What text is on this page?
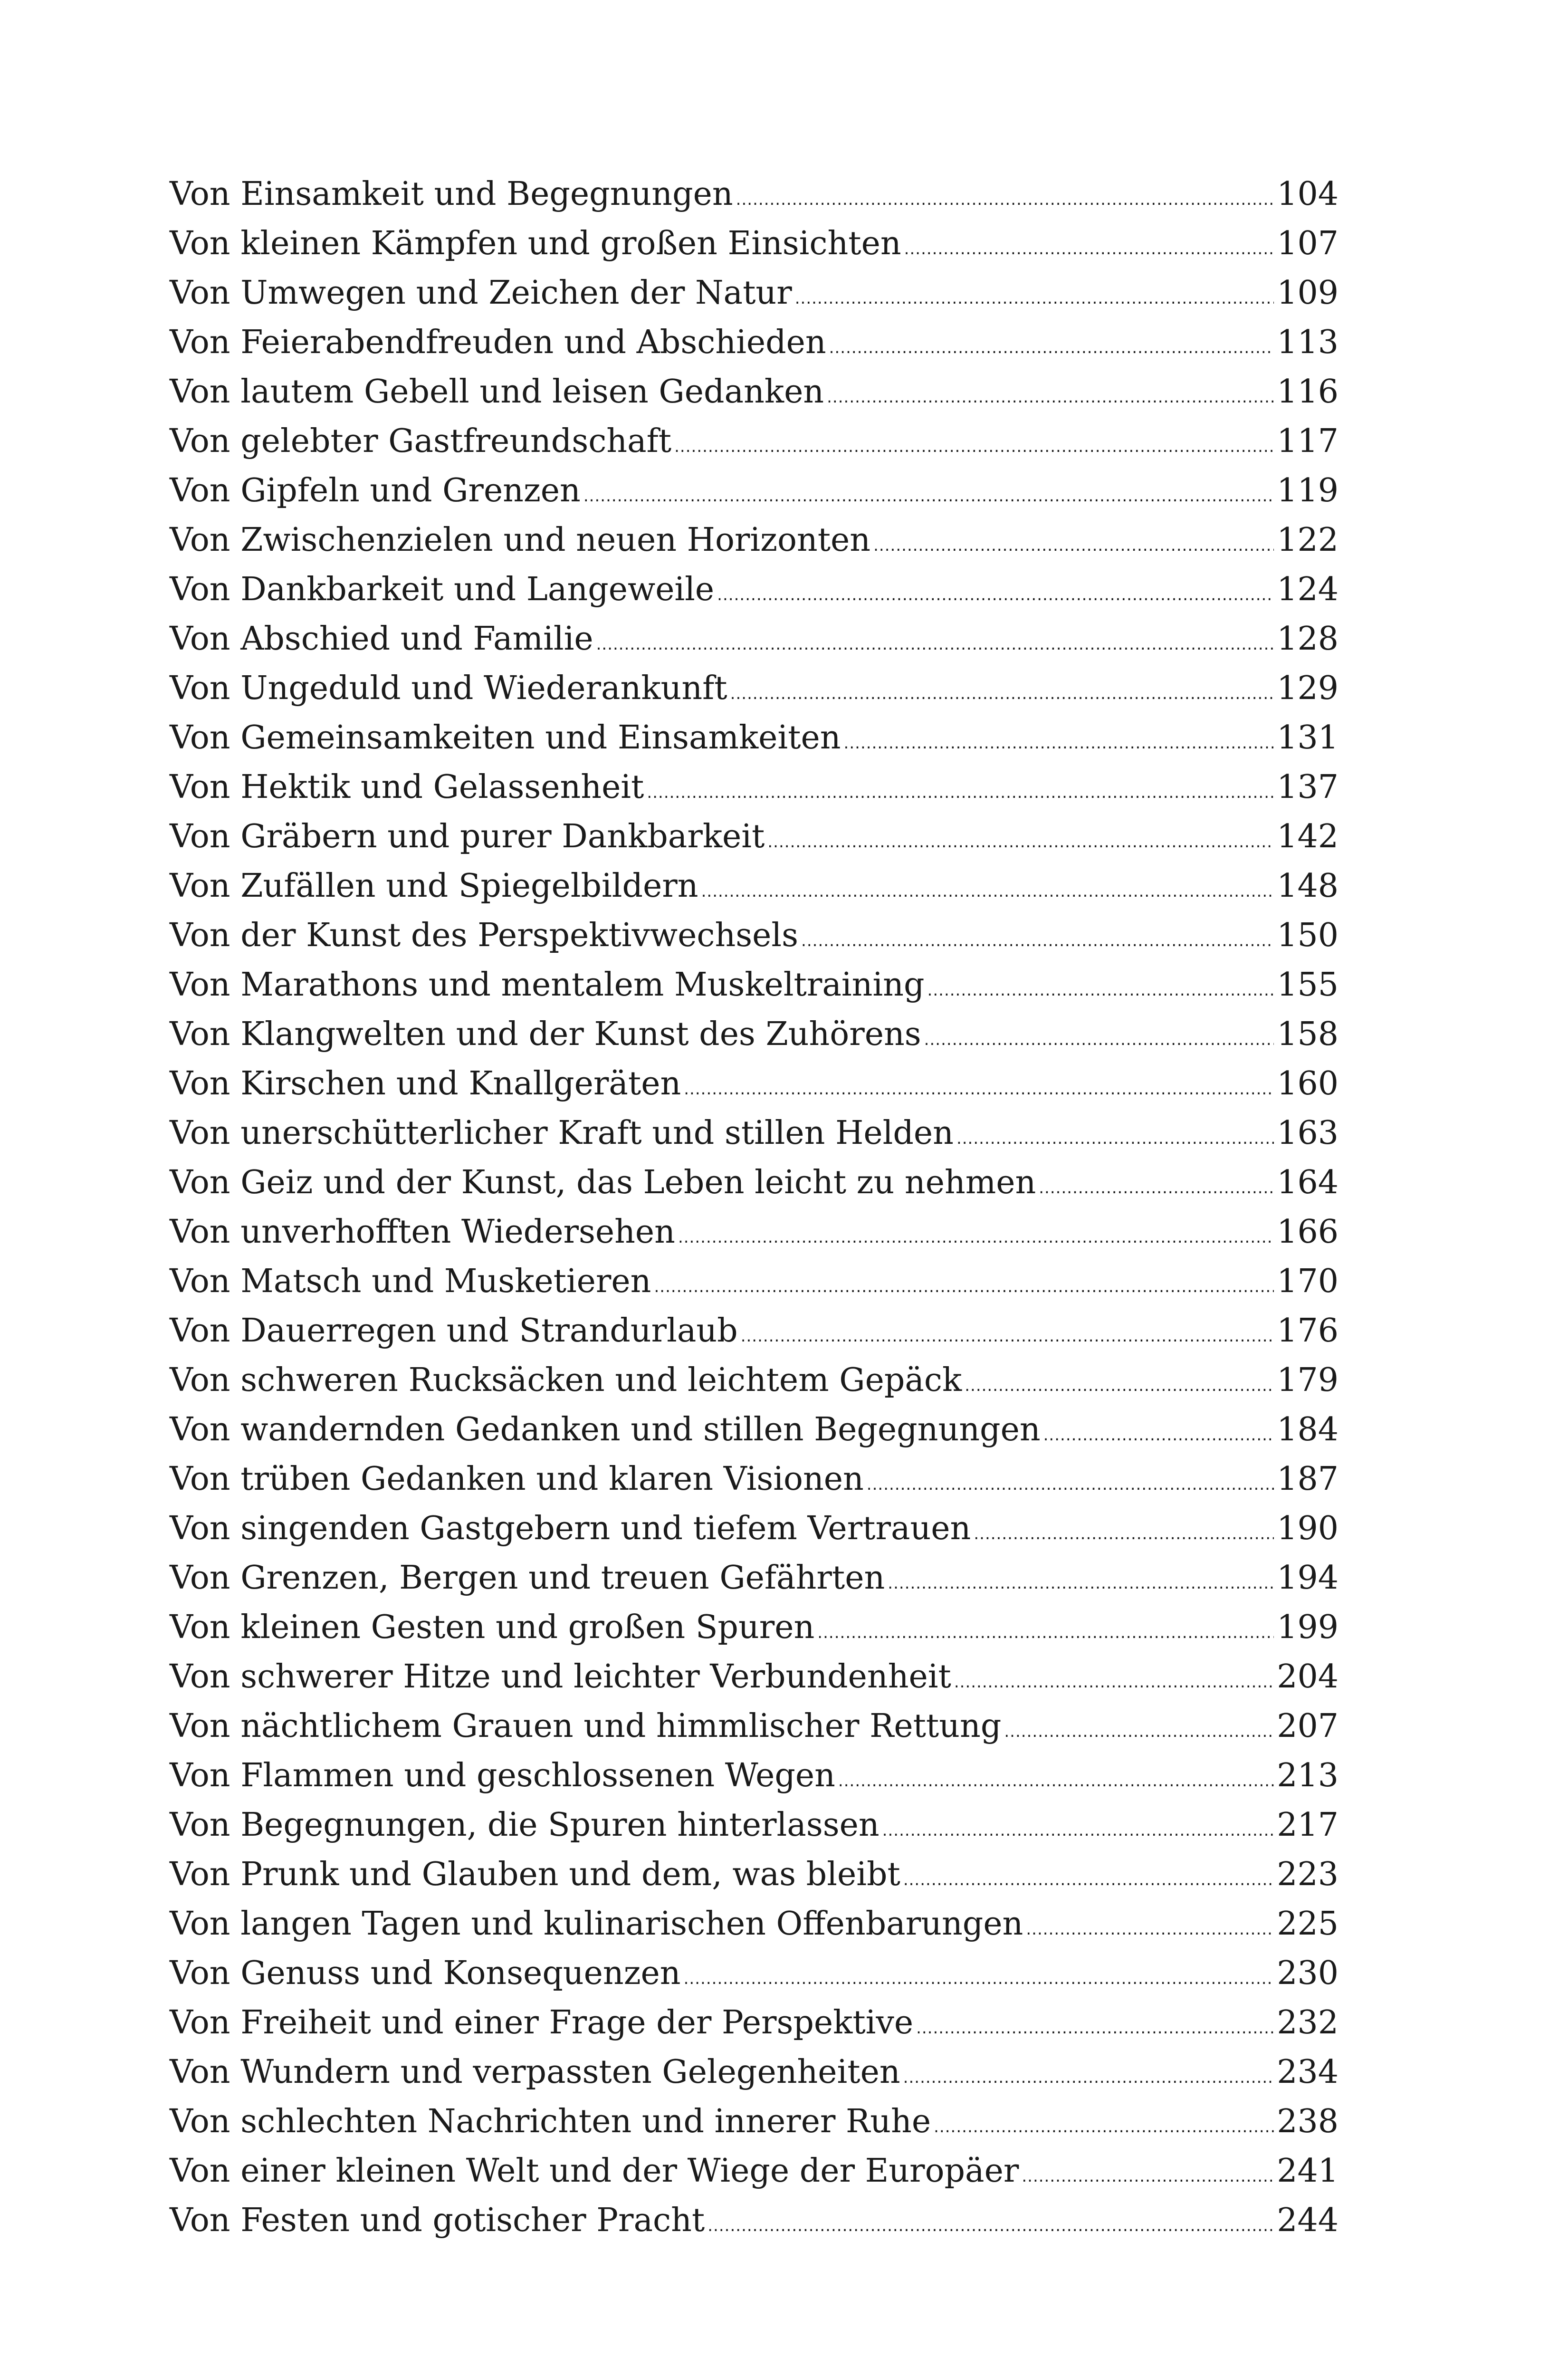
Von Einsamkeit und Begegnungen .....	104
Von kleinen Kämpfen und großen Einsichten .....	107
Von Umwegen und Zeichen der Natur .....	109
Von Feierabendfreuden und Abschieden .....	113
Von lautem Gebell und leisen Gedanken .....	116
Von gelebter Gastfreundschaft .....	117
Von Gipfeln und Grenzen .....	119
Von Zwischenzielen und neuen Horizonten .....	122
Von Dankbarkeit und Langeweile .....	124
Von Abschied und Familie .....	128
Von Ungeduld und Wiederankunft .....	129
Von Gemeinsamkeiten und Einsamkeiten .....	131
Von Hektik und Gelassenheit .....	137
Von Gräbern und purer Dankbarkeit .....	142
Von Zufällen und Spiegelbildern .....	148
Von der Kunst des Perspektivwechsels .....	150
Von Marathons und mentalem Muskeltraining .....	155
Von Klangwelten und der Kunst des Zuhörens .....	158
Von Kirschen und Knallgeräten .....	160
Von unerschütterlicher Kraft und stillen Helden .....	163
Von Geiz und der Kunst, das Leben leicht zu nehmen .....	164
Von unverhofften Wiedersehen .....	166
Von Matsch und Musketieren .....	170
Von Dauerregen und Strandurlaub .....	176
Von schweren Rucksäcken und leichtem Gepäck .....	179
Von wandernden Gedanken und stillen Begegnungen .....	184
Von trüben Gedanken und klaren Visionen .....	187
Von singenden Gastgebern und tiefem Vertrauen .....	190
Von Grenzen, Bergen und treuen Gefährten .....	194
Von kleinen Gesten und großen Spuren .....	199
Von schwerer Hitze und leichter Verbundenheit .....	204
Von nächtlichem Grauen und himmlischer Rettung .....	207
Von Flammen und geschlossenen Wegen .....	213
Von Begegnungen, die Spuren hinterlassen .....	217
Von Prunk und Glauben und dem, was bleibt .....	223
Von langen Tagen und kulinarischen Offenbarungen .....	225
Von Genuss und Konsequenzen .....	230
Von Freiheit und einer Frage der Perspektive .....	232
Von Wundern und verpassten Gelegenheiten .....	234
Von schlechten Nachrichten und innerer Ruhe .....	238
Von einer kleinen Welt und der Wiege der Europäer .....	241
Von Festen und gotischer Pracht .....	244
